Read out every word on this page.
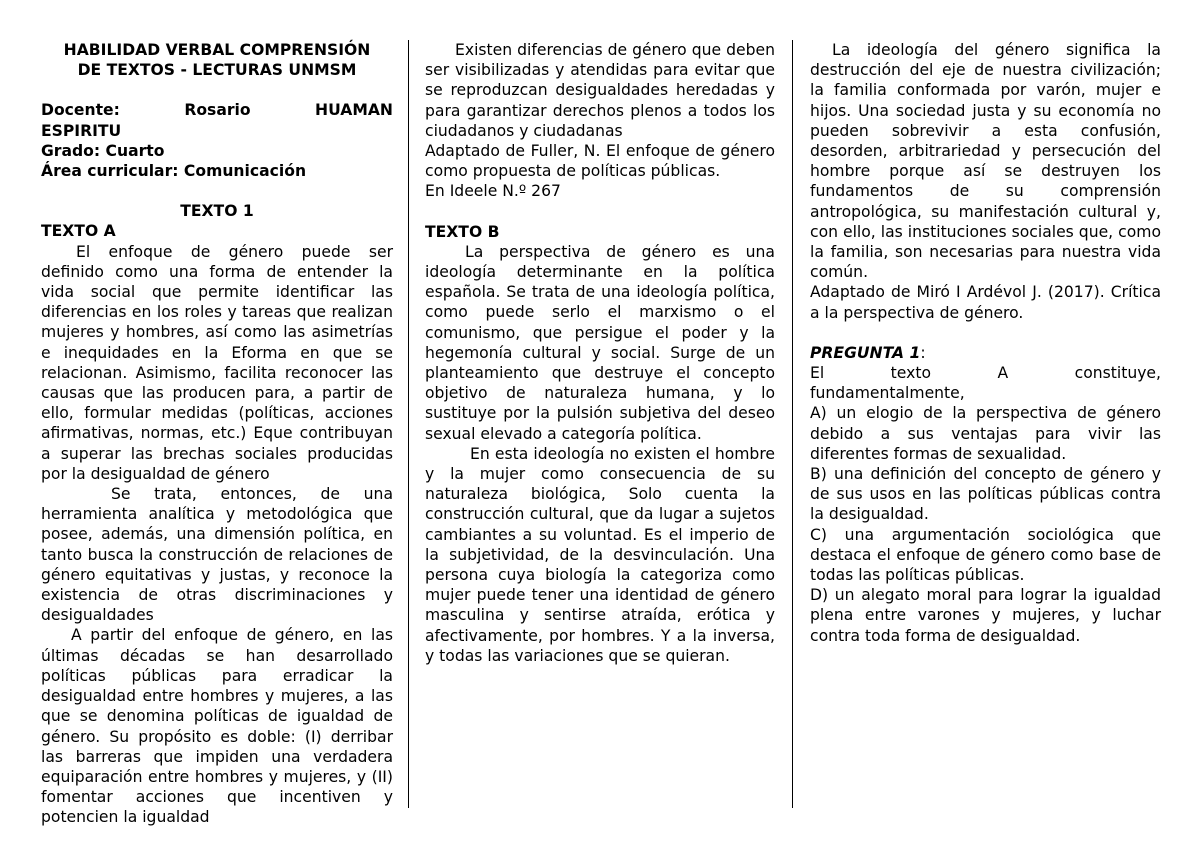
HABILIDAD VERBAL COMPRENSIÓN

DE TEXTOS - LECTURAS UNMSM

Docente:	Rosario	HUAMAN

ESPIRITU

Grado: Cuarto

Área curricular: Comunicación

TEXTO 1

TEXTO A

El enfoque de género puede ser definido como una forma de entender la vida social que permite identificar las diferencias en los roles y tareas que realizan mujeres y hombres, así como las asimetrías e inequidades en la Eforma en que se relacionan. Asimismo, facilita reconocer las causas que las producen para, a partir de ello, formular medidas (políticas, acciones afirmativas, normas, etc.) Eque contribuyan a superar las brechas sociales producidas por la desigualdad de género

Se trata, entonces, de una herramienta analítica y metodológica que posee, además, una dimensión política, en tanto busca la construcción de relaciones de género equitativas y justas, y reconoce la existencia de otras discriminaciones y desigualdades

A partir del enfoque de género, en las últimas décadas se han desarrollado políticas públicas para erradicar la desigualdad entre hombres y mujeres, a las que se denomina políticas de igualdad de género. Su propósito es doble: (I) derribar las barreras que impiden una verdadera equiparación entre hombres y mujeres, y (II) fomentar acciones que incentiven y potencien la igualdad

Existen diferencias de género que deben ser visibilizadas y atendidas para evitar que se reproduzcan desigualdades heredadas y para garantizar derechos plenos a todos los ciudadanos y ciudadanas

Adaptado de Fuller, N. El enfoque de género como propuesta de políticas públicas.

En Ideele N.º 267

TEXTO B

La perspectiva de género es una ideología determinante en la política española. Se trata de una ideología política, como puede serlo el marxismo o el comunismo, que persigue el poder y la hegemonía cultural y social. Surge de un planteamiento que destruye el concepto objetivo de naturaleza humana, y lo sustituye por la pulsión subjetiva del deseo sexual elevado a categoría política.

En esta ideología no existen el hombre y la mujer como consecuencia de su naturaleza biológica, Solo cuenta la construcción cultural, que da lugar a sujetos cambiantes a su voluntad. Es el imperio de la subjetividad, de la desvinculación. Una persona cuya biología la categoriza como mujer puede tener una identidad de género masculina y sentirse atraída, erótica y afectivamente, por hombres. Y a la inversa, y todas las variaciones que se quieran.

La ideología del género significa la destrucción del eje de nuestra civilización; la familia conformada por varón, mujer e hijos. Una sociedad justa y su economía no pueden sobrevivir a esta confusión, desorden, arbitrariedad y persecución del hombre porque así se destruyen los fundamentos de su comprensión antropológica, su manifestación cultural y, con ello, las instituciones sociales que, como la familia, son necesarias para nuestra vida común.

Adaptado de Miró I Ardévol J. (2017). Crítica a la perspectiva de género.

PREGUNTA 1:

El	texto	A	constituye,

fundamentalmente,

A) un elogio de la perspectiva de género debido a sus ventajas para vivir las diferentes formas de sexualidad.

B) una definición del concepto de género y de sus usos en las políticas públicas contra la desigualdad.

C) una argumentación sociológica que destaca el enfoque de género como base de todas las políticas públicas.

D) un alegato moral para lograr la igualdad plena entre varones y mujeres, y luchar contra toda forma de desigualdad.
